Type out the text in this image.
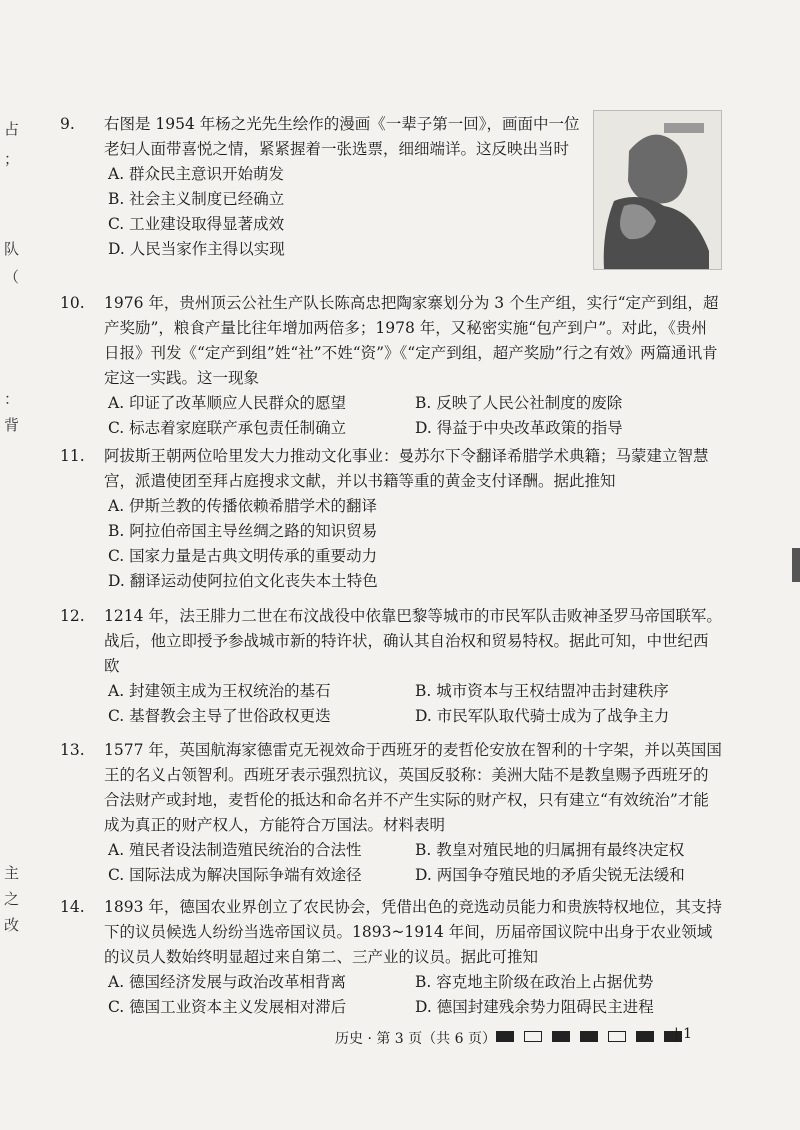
占
；
队
（
：
背
主
之
改

9. 右图是 1954 年杨之光先生绘作的漫画《一辈子第一回》，画面中一位老妇人面带喜悦之情，紧紧握着一张选票，细细端详。这反映出当时

A. 群众民主意识开始萌发
B. 社会主义制度已经确立
C. 工业建设取得显著成效
D. 人民当家作主得以实现

10. 1976 年，贵州顶云公社生产队长陈高忠把陶家寨划分为 3 个生产组，实行“定产到组，超产奖励”，粮食产量比往年增加两倍多；1978 年，又秘密实施“包产到户”。对此，《贵州日报》刊发《“定产到组”姓“社”不姓“资”》《“定产到组，超产奖励”行之有效》两篇通讯肯定这一实践。这一现象

A. 印证了改革顺应人民群众的愿望	B. 反映了人民公社制度的废除
C. 标志着家庭联产承包责任制确立	D. 得益于中央改革政策的指导

11. 阿拔斯王朝两位哈里发大力推动文化事业：曼苏尔下令翻译希腊学术典籍；马蒙建立智慧宫，派遣使团至拜占庭搜求文献，并以书籍等重的黄金支付译酬。据此推知

A. 伊斯兰教的传播依赖希腊学术的翻译
B. 阿拉伯帝国主导丝绸之路的知识贸易
C. 国家力量是古典文明传承的重要动力
D. 翻译运动使阿拉伯文化丧失本土特色

12. 1214 年，法王腓力二世在布汶战役中依靠巴黎等城市的市民军队击败神圣罗马帝国联军。战后，他立即授予参战城市新的特许状，确认其自治权和贸易特权。据此可知，中世纪西欧

A. 封建领主成为王权统治的基石	B. 城市资本与王权结盟冲击封建秩序
C. 基督教会主导了世俗政权更迭	D. 市民军队取代骑士成为了战争主力

13. 1577 年，英国航海家德雷克无视效命于西班牙的麦哲伦安放在智利的十字架，并以英国国王的名义占领智利。西班牙表示强烈抗议，英国反驳称：美洲大陆不是教皇赐予西班牙的合法财产或封地，麦哲伦的抵达和命名并不产生实际的财产权，只有建立“有效统治”才能成为真正的财产权人，方能符合万国法。材料表明

A. 殖民者设法制造殖民统治的合法性	B. 教皇对殖民地的归属拥有最终决定权
C. 国际法成为解决国际争端有效途径	D. 两国争夺殖民地的矛盾尖锐无法缓和

14. 1893 年，德国农业界创立了农民协会，凭借出色的竞选动员能力和贵族特权地位，其支持下的议员候选人纷纷当选帝国议员。1893~1914 年间，历届帝国议院中出身于农业领域的议员人数始终明显超过来自第二、三产业的议员。据此可推知

A. 德国经济发展与政治改革相背离	B. 容克地主阶级在政治上占据优势
C. 德国工业资本主义发展相对滞后	D. 德国封建残余势力阻碍民主进程
历史 · 第 3 页（共 6 页）	| 1
